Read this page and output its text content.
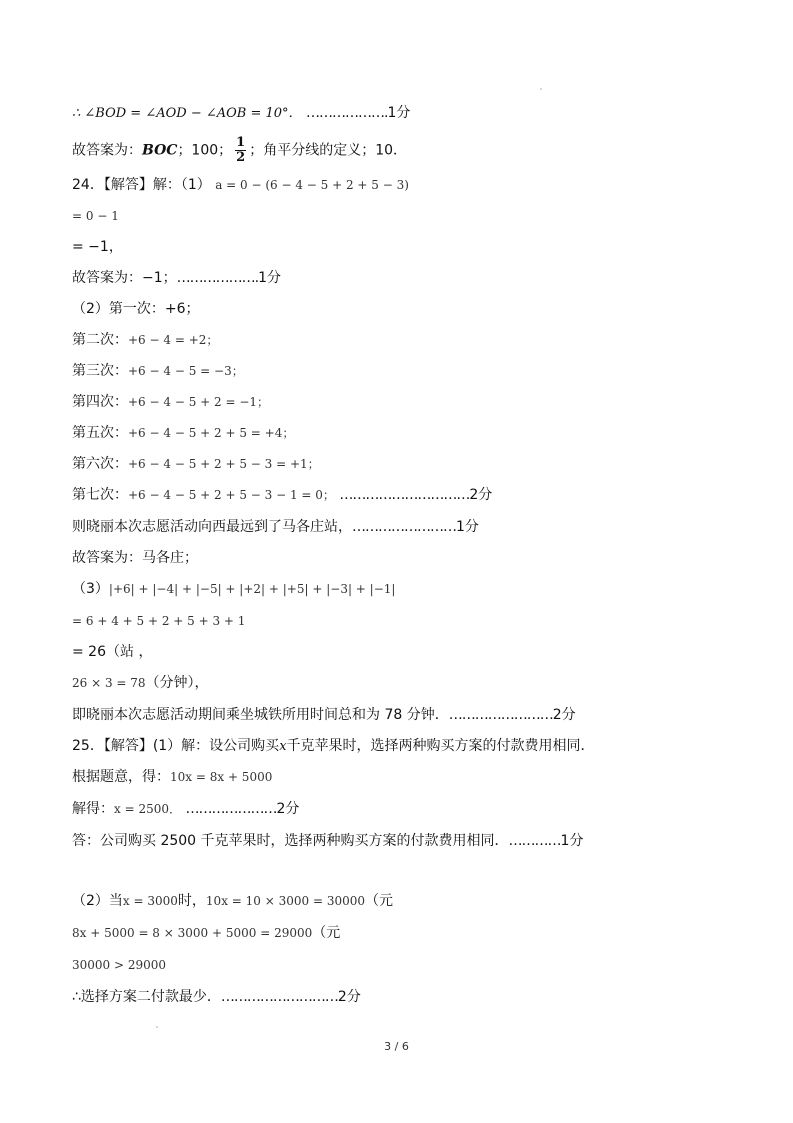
∴ ∠BOD = ∠AOD − ∠AOB = 10°． ……………….1分
故答案为：BOC；100； $\frac{1}{2}$ ；角平分线的定义；10．
24．【解答】解：（1） a = 0 − (6 − 4 − 5 + 2 + 5 − 3)
= 0 − 1
= −1，
故答案为：−1；……………….1分
（2）第一次：+6；
第二次：+6 − 4 = +2；
第三次：+6 − 4 − 5 = −3；
第四次：+6 − 4 − 5 + 2 = −1；
第五次：+6 − 4 − 5 + 2 + 5 = +4；
第六次：+6 − 4 − 5 + 2 + 5 − 3 = +1；
第七次：+6 − 4 − 5 + 2 + 5 − 3 − 1 = 0； …………………………2分
则晓丽本次志愿活动向西最远到了马各庄站，……………………1分
故答案为：马各庄；
（3）|+6| + |−4| + |−5| + |+2| + |+5| + |−3| + |−1|
= 6 + 4 + 5 + 2 + 5 + 3 + 1
= 26（站 ，
26 × 3 = 78（分钟），
即晓丽本次志愿活动期间乘坐城铁所用时间总和为 78 分钟．……………………2分
25．【解答】(1）解：设公司购买x千克苹果时，选择两种购买方案的付款费用相同．
根据题意，得：10x = 8x + 5000
解得：x = 2500． …………………2分
答：公司购买 2500 千克苹果时，选择两种购买方案的付款费用相同．…………1分
（2）当x = 3000时，10x = 10 × 3000 = 30000（元
8x + 5000 = 8 × 3000 + 5000 = 29000（元
30000 > 29000
∴选择方案二付款最少．………………………2分
3 / 6
